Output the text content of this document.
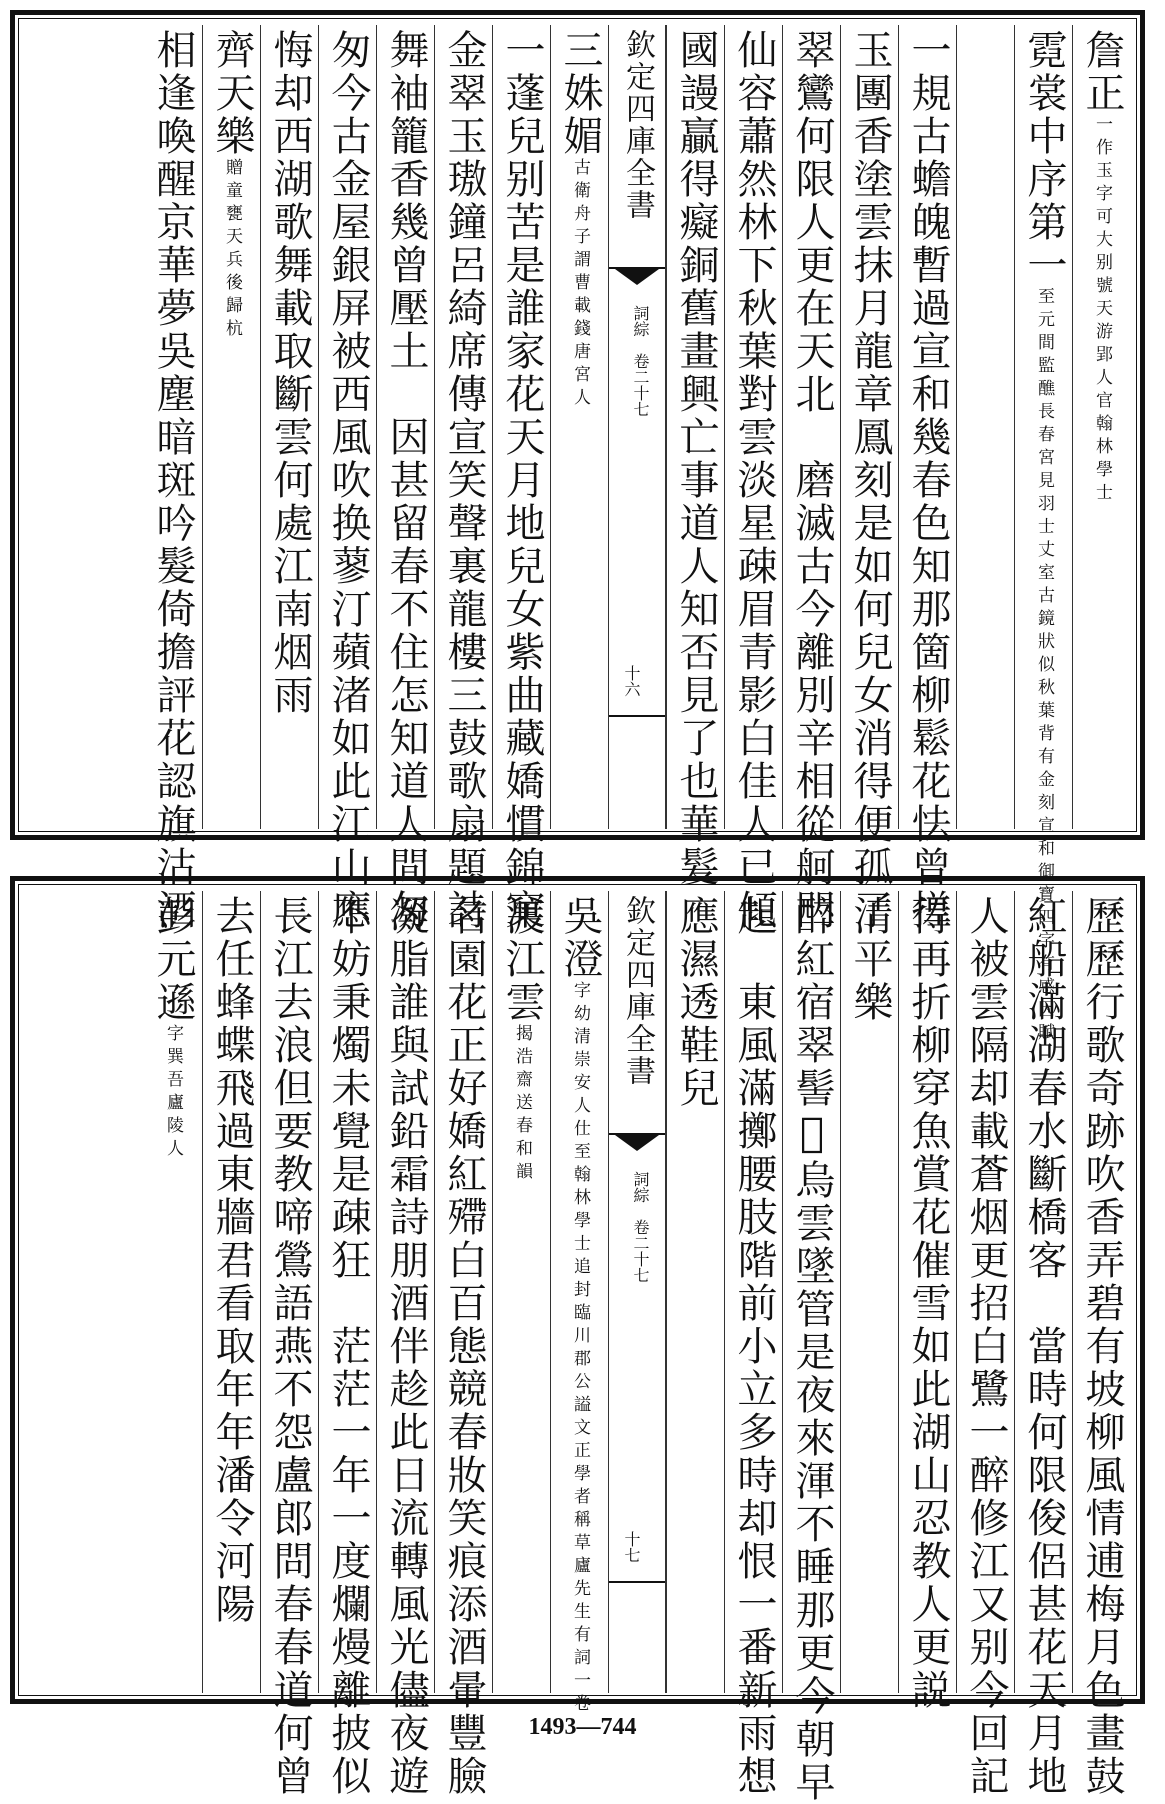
詹正一作玉字可大别號天游郢人官翰林學士
霓裳中序第一至元間監醮長春宮見羽士丈室古鏡狀似秋葉背有金刻宣和御寶四字有感因賦
一規古蟾魄暫過宣和幾春色知那箇柳鬆花怯曾搓
玉團香塗雲抹月龍章鳳刻是如何兒女消得便孤了
翠鸞何限人更在天北　磨滅古今離別辛相從舸門
仙容蕭然林下秋葉對雲淡星疎眉青影白佳人已傾
國謾贏得癡銅舊畫興亡事道人知否見了也華髮
欽定四庫全書
詞綜　卷二十七
十六
三姝媚古衛舟子謂曹載錢唐宮人
一蓬兒别苦是誰家花天月地兒女紫曲藏嬌慣錦窠
金翠玉璈鐘呂綺席傳宣笑聲裏龍樓三鼓歌扇題詩
舞袖籠香幾曾壓土　因甚留春不住怎知道人間匆
匆今古金屋銀屏被西風吹换蓼汀蘋渚如此江山應
悔却西湖歌舞載取斷雲何處江南烟雨
齊天樂贈童甕天兵後歸杭
相逢喚醒京華夢吳塵暗斑吟髮倚擔評花認旗沽酒
歷歷行歌奇跡吹香弄碧有坡柳風情逋梅月色畫鼓
紅船滿湖春水斷橋客　當時何限俊侶甚花天月地
人被雲隔却載蒼烟更招白鷺一醉修江又别今回記
得再折柳穿魚賞花催雪如此湖山忍教人更説
清平樂
醉紅宿翠髻𩬊烏雲墜管是夜來渾不睡那更今朝早
起　東風滿擲腰肢階前小立多時却恨一番新雨想
應濕透鞋兒
欽定四庫全書
詞綜　卷二十七
十七
吳澄字幼清崇安人仕至翰林學士追封臨川郡公謚文正學者稱草廬先生有詞一卷
渡江雲揭浩齋送春和韻
名園花正好嬌紅殢白百態競春妝笑痕添酒暈豐臉
凝脂誰與試鉛霜詩朋酒伴趁此日流轉風光儘夜遊
不妨秉燭未覺是疎狂　茫茫一年一度爛熳離披似
長江去浪但要教啼鶯語燕不怨盧郎問春春道何曾
去任蜂蝶飛過東牆君看取年年潘令河陽
彭元遜字巽吾廬陵人
1493—744
